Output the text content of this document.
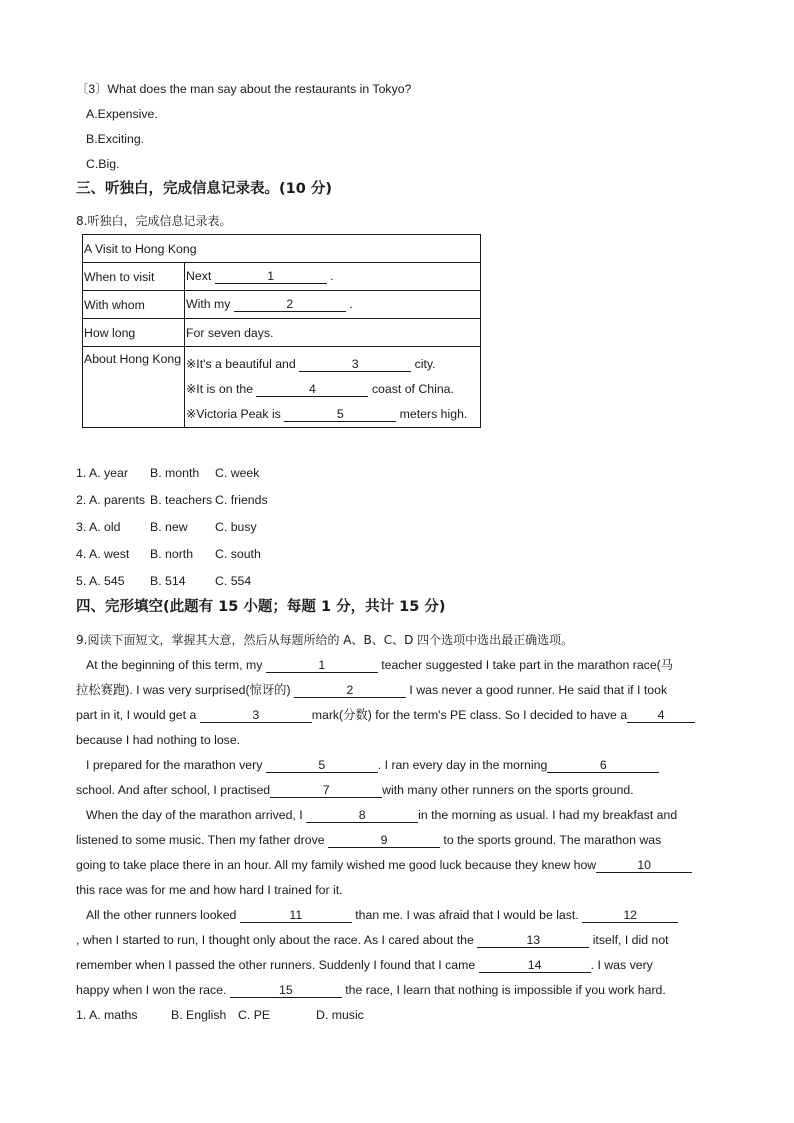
〔3〕What does the man say about the restaurants in Tokyo?
A.Expensive.
B.Exciting.
C.Big.
三、听独白，完成信息记录表。(10 分)
8.听独白，完成信息记录表。
A Visit to Hong Kong	
When to visit	Next 1 .
With whom	With my 2 .
How long	For seven days.
About Hong Kong	※It's a beautiful and 3 city.
※It is on the 4 coast of China.
※Victoria Peak is 5 meters high.
1. A. year B. month C. week
2. A. parents B. teachers C. friends
3. A. old B. new C. busy
4. A. west B. north C. south
5. A. 545 B. 514 C. 554
四、完形填空(此题有 15 小题；每题 1 分，共计 15 分)
9.阅读下面短文，掌握其大意，然后从每题所给的 A、B、C、D 四个选项中选出最正确选项。
At the beginning of this term, my	1	teacher suggested I take part in the marathon race(马
拉松赛跑). I was very surprised(惊讶的)	2	I was never a good runner. He said that if I took
part in it, I would get a	3	mark(分数) for the term's PE class. So I decided to have a 4
because I had nothing to lose.
I prepared for the marathon very	5	. I ran every day in the morning	6
school. And after school, I practised	7	with many other runners on the sports ground.
When the day of the marathon arrived, I	8	in the morning as usual. I had my breakfast and
listened to some music. Then my father drove	9	to the sports ground. The marathon was
going to take place there in an hour. All my family wished me good luck because they knew how	10
this race was for me and how hard I trained for it.
All the other runners looked	11	than me. I was afraid that I would be last.	12
, when I started to run, I thought only about the race. As I cared about the	13	itself, I did not
remember when I passed the other runners. Suddenly I found that I came	14	. I was very
happy when I won the race.	15	the race, I learn that nothing is impossible if you work hard.
1. A. maths	B. English C. PE	D. music
